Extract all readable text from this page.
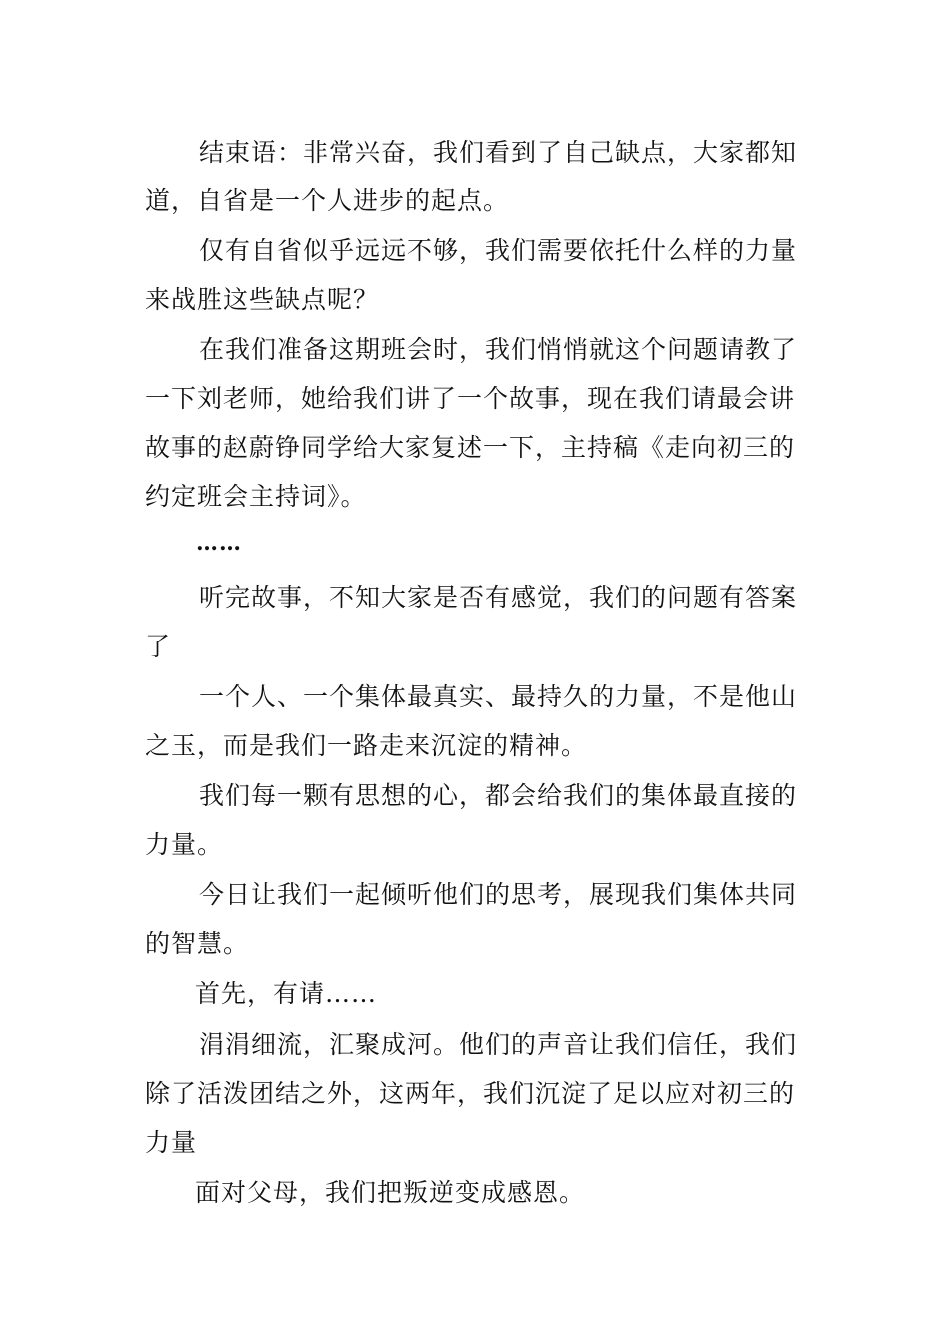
结束语：非常兴奋，我们看到了自己缺点，大家都知
道，自省是一个人进步的起点。
仅有自省似乎远远不够，我们需要依托什么样的力量
来战胜这些缺点呢？
在我们准备这期班会时，我们悄悄就这个问题请教了
一下刘老师，她给我们讲了一个故事，现在我们请最会讲
故事的赵蔚铮同学给大家复述一下，主持稿《走向初三的
约定班会主持词》。
……
听完故事，不知大家是否有感觉，我们的问题有答案
了
一个人、一个集体最真实、最持久的力量，不是他山
之玉，而是我们一路走来沉淀的精神。
我们每一颗有思想的心，都会给我们的集体最直接的
力量。
今日让我们一起倾听他们的思考，展现我们集体共同
的智慧。
首先，有请……
涓涓细流，汇聚成河。他们的声音让我们信任，我们
除了活泼团结之外，这两年，我们沉淀了足以应对初三的
力量
面对父母，我们把叛逆变成感恩。
